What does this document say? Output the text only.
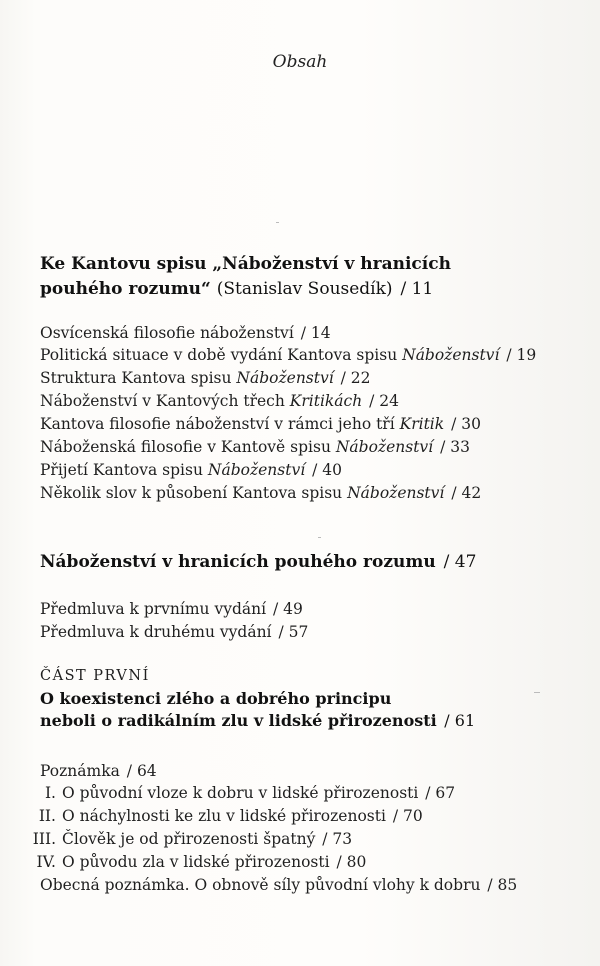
Obsah
Ke Kantovu spisu „Náboženství v hranicích
pouhého rozumu“ (Stanislav Sousedík) / 11
Osvícenská filosofie náboženství / 14
Politická situace v době vydání Kantova spisu Náboženství / 19
Struktura Kantova spisu Náboženství / 22
Náboženství v Kantových třech Kritikách / 24
Kantova filosofie náboženství v rámci jeho tří Kritik / 30
Náboženská filosofie v Kantově spisu Náboženství / 33
Přijetí Kantova spisu Náboženství / 40
Několik slov k působení Kantova spisu Náboženství / 42
Náboženství v hranicích pouhého rozumu / 47
Předmluva k prvnímu vydání / 49
Předmluva k druhému vydání / 57
ČÁST PRVNÍ
O koexistenci zlého a dobrého principu
neboli o radikálním zlu v lidské přirozenosti / 61
Poznámka / 64
I. O původní vloze k dobru v lidské přirozenosti / 67
II. O náchylnosti ke zlu v lidské přirozenosti / 70
III. Člověk je od přirozenosti špatný / 73
IV. O původu zla v lidské přirozenosti / 80
Obecná poznámka. O obnově síly původní vlohy k dobru / 85
